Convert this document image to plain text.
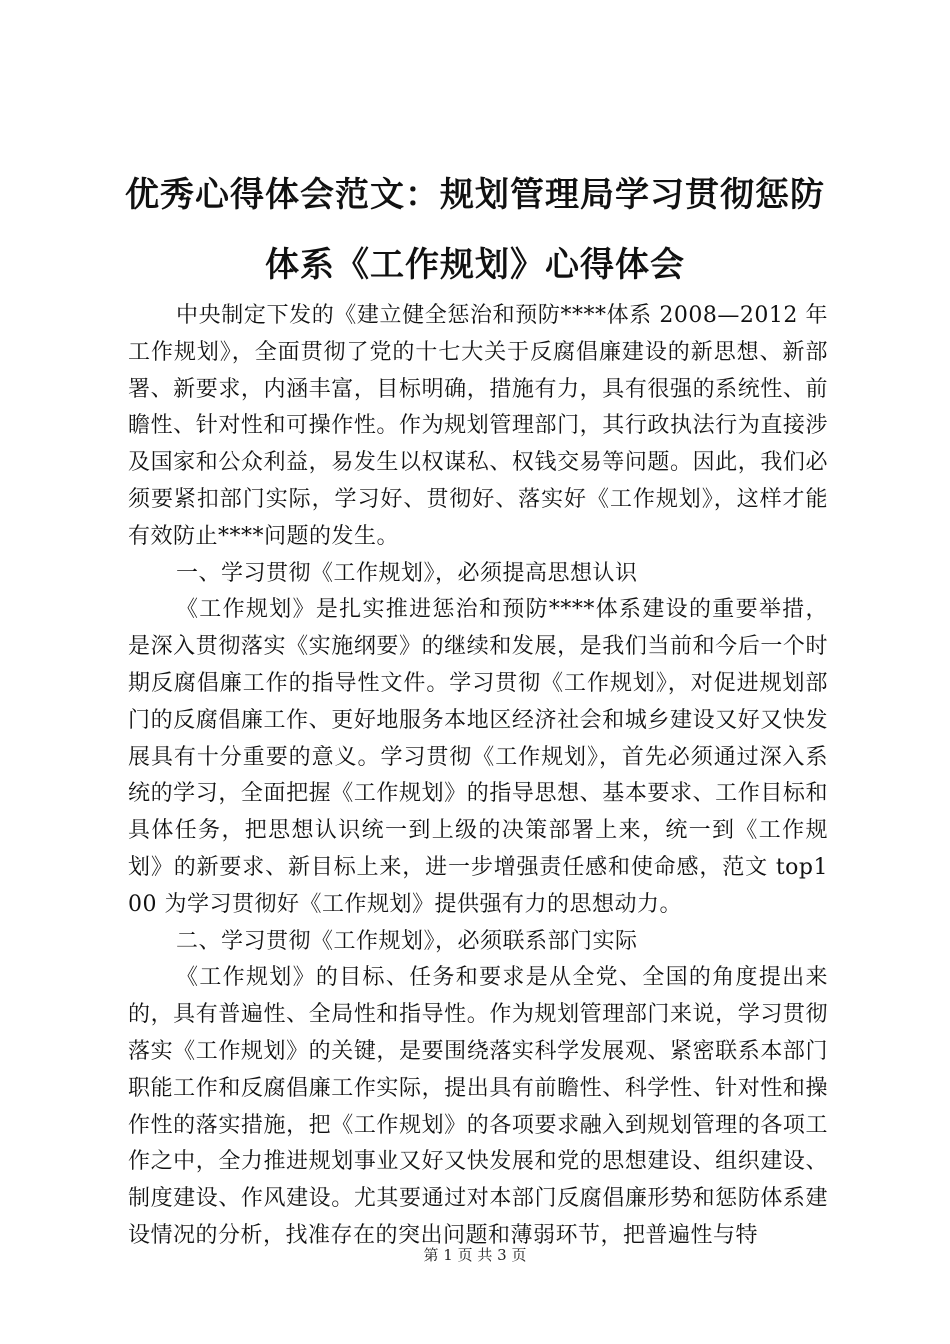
优秀心得体会范文：规划管理局学习贯彻惩防
体系《工作规划》心得体会

中央制定下发的《建立健全惩治和预防****体系 2008—2012 年工作规划》，全面贯彻了党的十七大关于反腐倡廉建设的新思想、新部署、新要求，内涵丰富，目标明确，措施有力，具有很强的系统性、前瞻性、针对性和可操作性。作为规划管理部门，其行政执法行为直接涉及国家和公众利益，易发生以权谋私、权钱交易等问题。因此，我们必须要紧扣部门实际，学习好、贯彻好、落实好《工作规划》，这样才能有效防止****问题的发生。

一、学习贯彻《工作规划》，必须提高思想认识

《工作规划》是扎实推进惩治和预防****体系建设的重要举措，是深入贯彻落实《实施纲要》的继续和发展，是我们当前和今后一个时期反腐倡廉工作的指导性文件。学习贯彻《工作规划》，对促进规划部门的反腐倡廉工作、更好地服务本地区经济社会和城乡建设又好又快发展具有十分重要的意义。学习贯彻《工作规划》，首先必须通过深入系统的学习，全面把握《工作规划》的指导思想、基本要求、工作目标和具体任务，把思想认识统一到上级的决策部署上来，统一到《工作规划》的新要求、新目标上来，进一步增强责任感和使命感，范文 top100 为学习贯彻好《工作规划》提供强有力的思想动力。

二、学习贯彻《工作规划》，必须联系部门实际

《工作规划》的目标、任务和要求是从全党、全国的角度提出来的，具有普遍性、全局性和指导性。作为规划管理部门来说，学习贯彻落实《工作规划》的关键，是要围绕落实科学发展观、紧密联系本部门职能工作和反腐倡廉工作实际，提出具有前瞻性、科学性、针对性和操作性的落实措施，把《工作规划》的各项要求融入到规划管理的各项工作之中，全力推进规划事业又好又快发展和党的思想建设、组织建设、制度建设、作风建设。尤其要通过对本部门反腐倡廉形势和惩防体系建设情况的分析，找准存在的突出问题和薄弱环节，把普遍性与特

第 1 页 共 3 页
